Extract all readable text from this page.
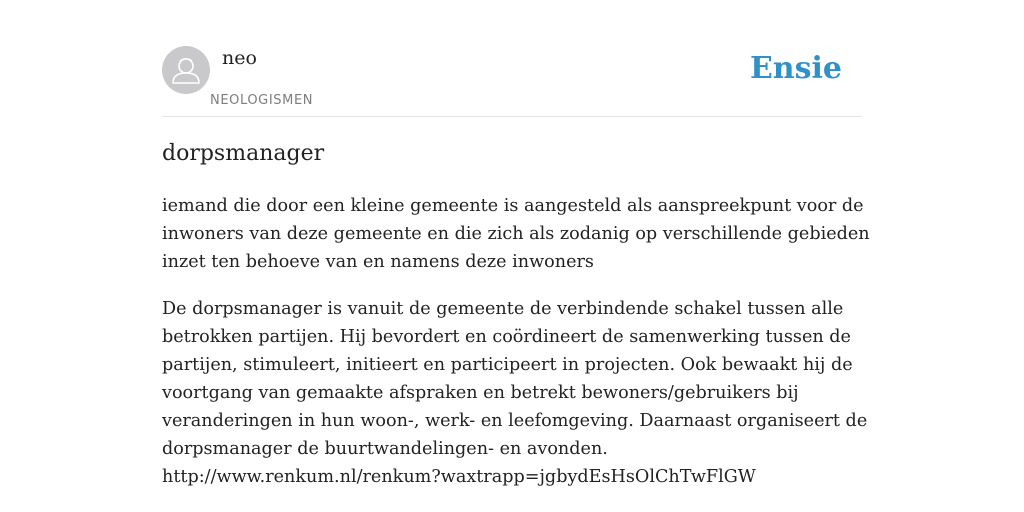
neo
NEOLOGISMEN
Ensie
dorpsmanager
iemand die door een kleine gemeente is aangesteld als aanspreekpunt voor de
inwoners van deze gemeente en die zich als zodanig op verschillende gebieden
inzet ten behoeve van en namens deze inwoners
De dorpsmanager is vanuit de gemeente de verbindende schakel tussen alle
betrokken partijen. Hij bevordert en coördineert de samenwerking tussen de
partijen, stimuleert, initieert en participeert in projecten. Ook bewaakt hij de
voortgang van gemaakte afspraken en betrekt bewoners/gebruikers bij
veranderingen in hun woon-, werk- en leefomgeving. Daarnaast organiseert de
dorpsmanager de buurtwandelingen- en avonden.
http://www.renkum.nl/renkum?waxtrapp=jgbydEsHsOlChTwFlGW
